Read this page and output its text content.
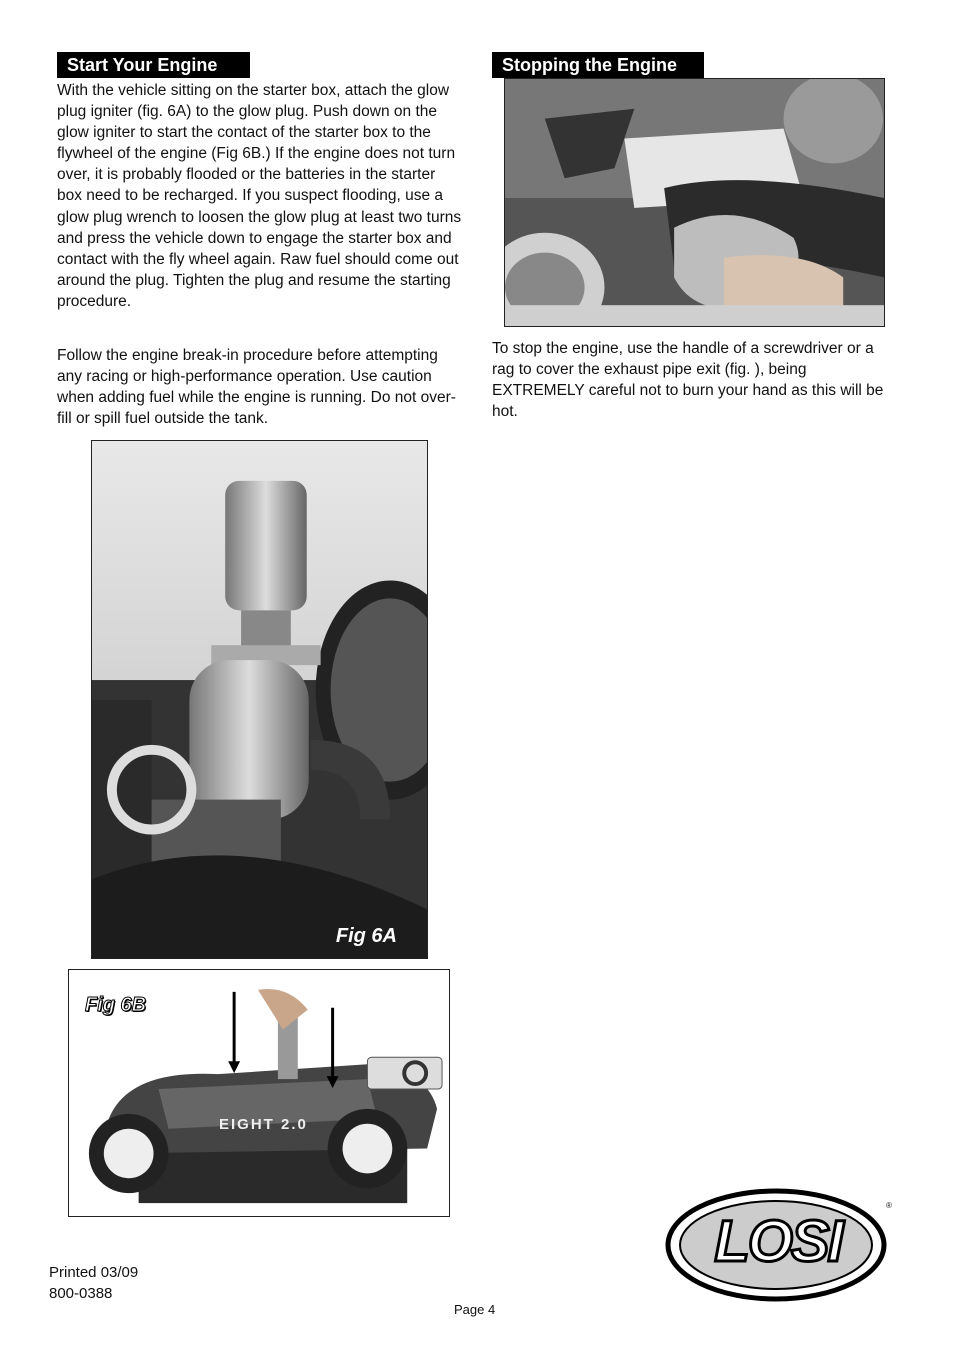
Start Your Engine

With the vehicle sitting on the starter box, attach the glow plug igniter (fig. 6A) to the glow plug. Push down on the glow igniter to start the contact of the starter box to the flywheel of the engine (Fig 6B.) If the engine does not turn over, it is probably flooded or the batteries in the starter box need to be recharged. If you suspect flooding, use a glow plug wrench to loosen the glow plug at least two turns and press the vehicle down to engage the starter box and contact with the fly wheel again. Raw fuel should come out around the plug. Tighten the plug and resume the starting procedure.

Follow the engine break-in procedure before attempting any racing or high-performance operation. Use caution when adding fuel while the engine is running. Do not over-fill or spill fuel outside the tank.

Fig 6A
EIGHT 2.0
Fig 6B
Stopping the Engine

To stop the engine, use the handle of a screwdriver or a rag to cover the exhaust pipe exit (fig. ), being EXTREMELY careful not to burn your hand as this will be hot.

Printed 03/09
800-0388
Page 4
LOSI
®
